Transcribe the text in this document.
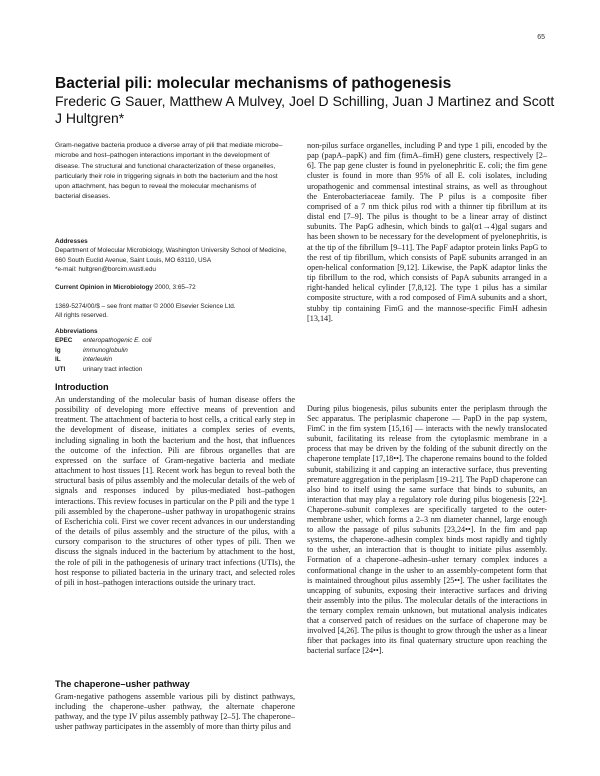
65
Bacterial pili: molecular mechanisms of pathogenesis
Frederic G Sauer, Matthew A Mulvey, Joel D Schilling, Juan J Martinez and Scott J Hultgren*
Gram-negative bacteria produce a diverse array of pili that mediate microbe–microbe and host–pathogen interactions important in the development of disease. The structural and functional characterization of these organelles, particularly their role in triggering signals in both the bacterium and the host upon attachment, has begun to reveal the molecular mechanisms of bacterial diseases.
Addresses
Department of Molecular Microbiology, Washington University School of Medicine, 660 South Euclid Avenue, Saint Louis, MO 63110, USA
*e-mail: hultgren@borcim.wustl.edu
Current Opinion in Microbiology 2000, 3:65–72
1369-5274/00/$ – see front matter © 2000 Elsevier Science Ltd.
All rights reserved.
Abbreviations
EPEC	enteropathogenic E. coli
Ig	immunoglobulin
IL	interleukin
UTI	urinary tract infection
Introduction

An understanding of the molecular basis of human disease offers the possibility of developing more effective means of prevention and treatment. The attachment of bacteria to host cells, a critical early step in the development of disease, initiates a complex series of events, including signaling in both the bacterium and the host, that influences the outcome of the infection. Pili are fibrous organelles that are expressed on the surface of Gram-negative bacteria and mediate attachment to host tissues [1]. Recent work has begun to reveal both the structural basis of pilus assembly and the molecular details of the web of signals and responses induced by pilus-mediated host–pathogen interactions. This review focuses in particular on the P pili and the type 1 pili assembled by the chaperone–usher pathway in uropathogenic strains of Escherichia coli. First we cover recent advances in our understanding of the details of pilus assembly and the structure of the pilus, with a cursory comparison to the structures of other types of pili. Then we discuss the signals induced in the bacterium by attachment to the host, the role of pili in the pathogenesis of urinary tract infections (UTIs), the host response to piliated bacteria in the urinary tract, and selected roles of pili in host–pathogen interactions outside the urinary tract.

The chaperone–usher pathway

Gram-negative pathogens assemble various pili by distinct pathways, including the chaperone–usher pathway, the alternate chaperone pathway, and the type IV pilus assembly pathway [2–5]. The chaperone–usher pathway participates in the assembly of more than thirty pilus and

non-pilus surface organelles, including P and type 1 pili, encoded by the pap (papA–papK) and fim (fimA–fimH) gene clusters, respectively [2–6]. The pap gene cluster is found in pyelonephritic E. coli; the fim gene cluster is found in more than 95% of all E. coli isolates, including uropathogenic and commensal intestinal strains, as well as throughout the Enterobacteriaceae family. The P pilus is a composite fiber comprised of a 7 nm thick pilus rod with a thinner tip fibrillum at its distal end [7–9]. The pilus is thought to be a linear array of distinct subunits. The PapG adhesin, which binds to gal(α1→4)gal sugars and has been shown to be necessary for the development of pyelonephritis, is at the tip of the fibrillum [9–11]. The PapF adaptor protein links PapG to the rest of tip fibrillum, which consists of PapE subunits arranged in an open-helical conformation [9,12]. Likewise, the PapK adaptor links the tip fibrillum to the rod, which consists of PapA subunits arranged in a right-handed helical cylinder [7,8,12]. The type 1 pilus has a similar composite structure, with a rod composed of FimA subunits and a short, stubby tip containing FimG and the mannose-specific FimH adhesin [13,14].

During pilus biogenesis, pilus subunits enter the periplasm through the Sec apparatus. The periplasmic chaperone — PapD in the pap system, FimC in the fim system [15,16] — interacts with the newly translocated subunit, facilitating its release from the cytoplasmic membrane in a process that may be driven by the folding of the subunit directly on the chaperone template [17,18••]. The chaperone remains bound to the folded subunit, stabilizing it and capping an interactive surface, thus preventing premature aggregation in the periplasm [19–21]. The PapD chaperone can also bind to itself using the same surface that binds to subunits, an interaction that may play a regulatory role during pilus biogenesis [22•]. Chaperone–subunit complexes are specifically targeted to the outer-membrane usher, which forms a 2–3 nm diameter channel, large enough to allow the passage of pilus subunits [23,24••]. In the fim and pap systems, the chaperone–adhesin complex binds most rapidly and tightly to the usher, an interaction that is thought to initiate pilus assembly. Formation of a chaperone–adhesin–usher ternary complex induces a conformational change in the usher to an assembly-competent form that is maintained throughout pilus assembly [25••]. The usher facilitates the uncapping of subunits, exposing their interactive surfaces and driving their assembly into the pilus. The molecular details of the interactions in the ternary complex remain unknown, but mutational analysis indicates that a conserved patch of residues on the surface of chaperone may be involved [4,26]. The pilus is thought to grow through the usher as a linear fiber that packages into its final quaternary structure upon reaching the bacterial surface [24••].
